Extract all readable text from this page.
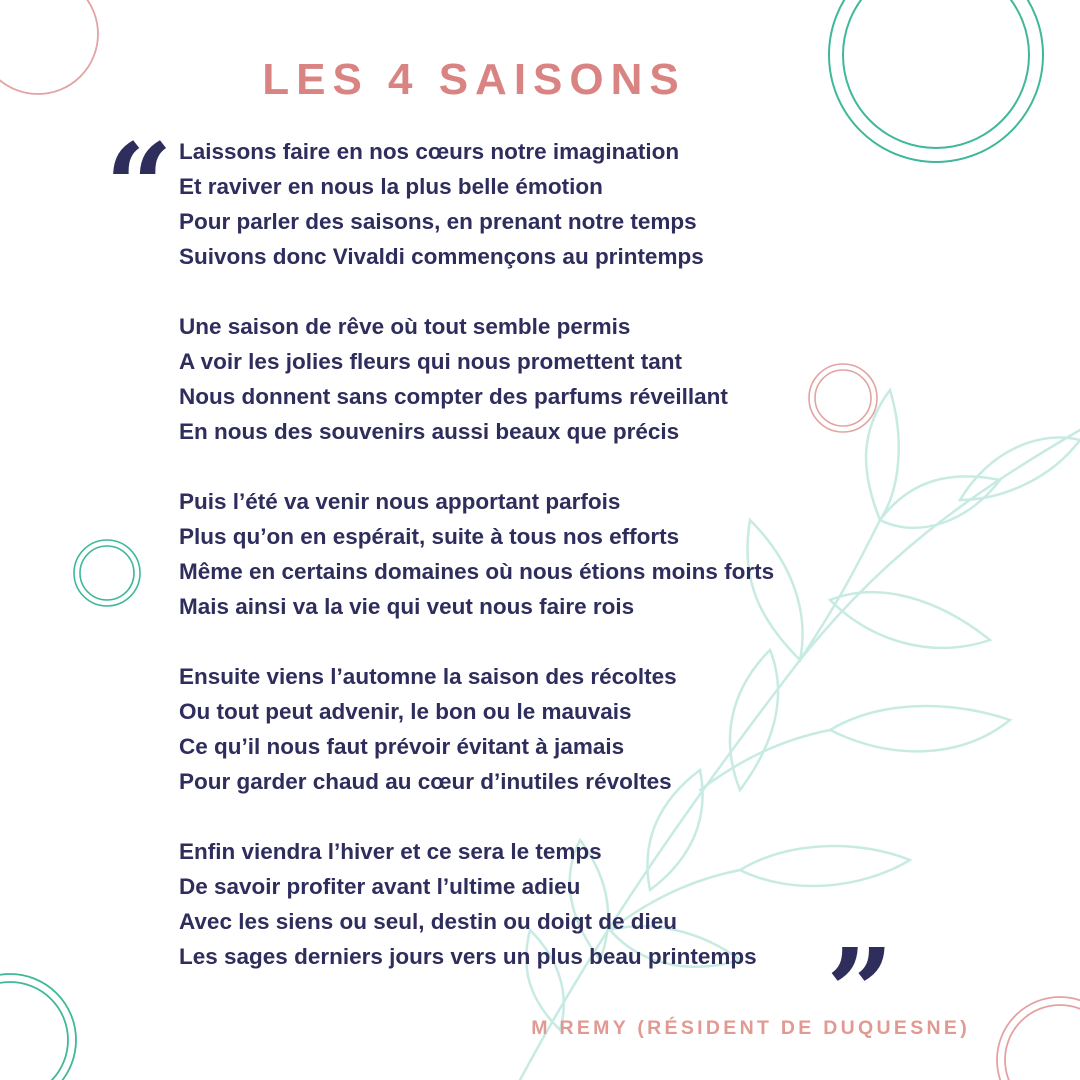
LES 4 SAISONS
“ Laissons faire en nos cœurs notre imagination
Et raviver en nous la plus belle émotion
Pour parler des saisons, en prenant notre temps
Suivons donc Vivaldi commençons au printemps
Une saison de rêve où tout semble permis
A voir les jolies fleurs qui nous promettent tant
Nous donnent sans compter des parfums réveillant
En nous des souvenirs aussi beaux que précis
Puis l’été va venir nous apportant parfois
Plus qu’on en espérait, suite à tous nos efforts
Même en certains domaines où nous étions moins forts
Mais ainsi va la vie qui veut nous faire rois
Ensuite viens l’automne la saison des récoltes
Ou tout peut advenir, le bon ou le mauvais
Ce qu’il nous faut prévoir évitant à jamais
Pour garder chaud au cœur d’inutiles révoltes
Enfin viendra l’hiver et ce sera le temps
De savoir profiter avant l’ultime adieu
Avec les siens ou seul, destin ou doigt de dieu
Les sages derniers jours vers un plus beau printemps ”
M REMY (RÉSIDENT DE DUQUESNE)
